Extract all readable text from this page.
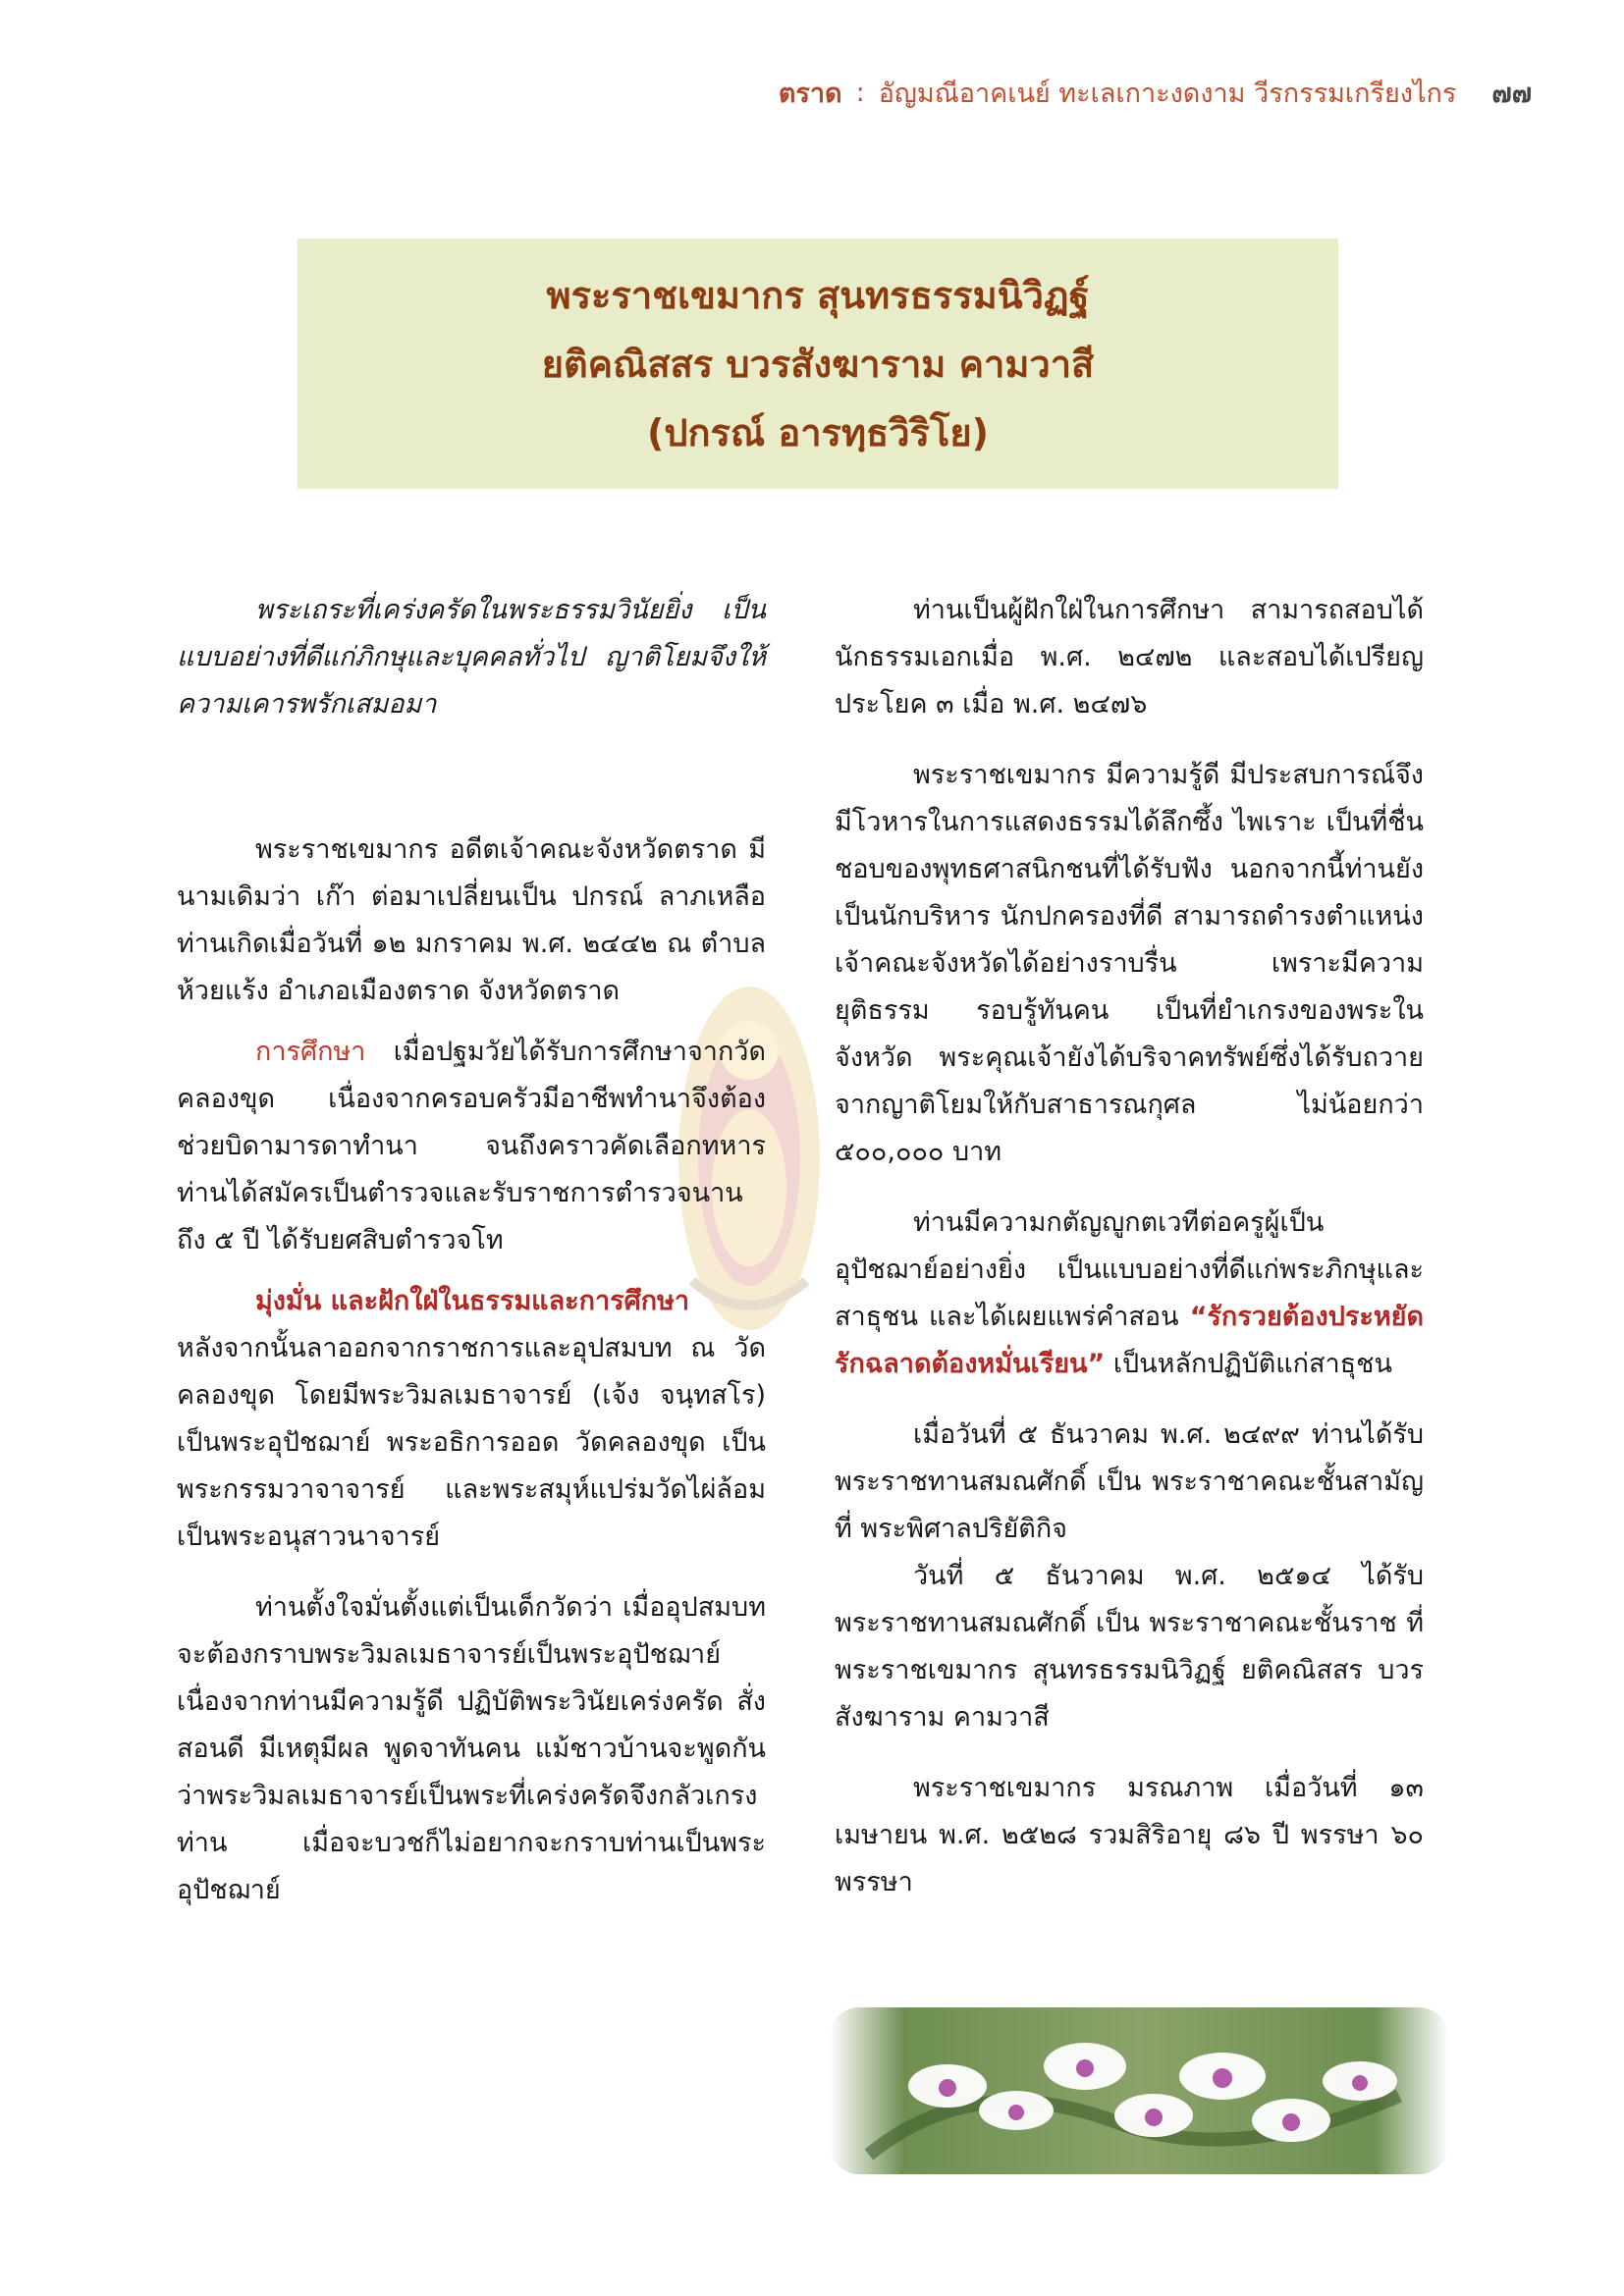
ตราด : อัญมณีอาคเนย์ ทะเลเกาะงดงาม วีรกรรมเกรียงไกร ๗๗
พระราชเขมากร สุนทรธรรมนิวิฏฐ์
ยติคณิสสร บวรสังฆาราม คามวาสี
(ปกรณ์ อารทฺธวิริโย)

พระเถระที่เคร่งครัดในพระธรรมวินัยยิ่ง เป็นแบบอย่างที่ดีแก่ภิกษุและบุคคลทั่วไป ญาติโยมจึงให้ความเคารพรักเสมอมา

พระราชเขมากร อดีตเจ้าคณะจังหวัดตราด มีนามเดิมว่า เก๊า ต่อมาเปลี่ยนเป็น ปกรณ์ ลาภเหลือ ท่านเกิดเมื่อวันที่ ๑๒ มกราคม พ.ศ. ๒๔๔๒ ณ ตำบลห้วยแร้ง อำเภอเมืองตราด จังหวัดตราด

การศึกษา เมื่อปฐมวัยได้รับการศึกษาจากวัดคลองขุด เนื่องจากครอบครัวมีอาชีพทำนาจึงต้องช่วยบิดามารดาทำนา จนถึงคราวคัดเลือกทหาร ท่านได้สมัครเป็นตำรวจและรับราชการตำรวจนานถึง ๕ ปี ได้รับยศสิบตำรวจโท

มุ่งมั่น และฝักใฝ่ในธรรมและการศึกษา

หลังจากนั้นลาออกจากราชการและอุปสมบท ณ วัดคลองขุด โดยมีพระวิมลเมธาจารย์ (เจ้ง จนฺทสโร) เป็นพระอุปัชฌาย์ พระอธิการออด วัดคลองขุด เป็นพระกรรมวาจาจารย์ และพระสมุห์แปร่มวัดไผ่ล้อม เป็นพระอนุสาวนาจารย์

ท่านตั้งใจมั่นตั้งแต่เป็นเด็กวัดว่า เมื่ออุปสมบทจะต้องกราบพระวิมลเมธาจารย์เป็นพระอุปัชฌาย์ เนื่องจากท่านมีความรู้ดี ปฏิบัติพระวินัยเคร่งครัด สั่งสอนดี มีเหตุมีผล พูดจาทันคน แม้ชาวบ้านจะพูดกันว่าพระวิมลเมธาจารย์เป็นพระที่เคร่งครัดจึงกลัวเกรงท่าน เมื่อจะบวชก็ไม่อยากจะกราบท่านเป็นพระอุปัชฌาย์

ท่านเป็นผู้ฝักใฝ่ในการศึกษา สามารถสอบได้นักธรรมเอกเมื่อ พ.ศ. ๒๔๗๒ และสอบได้เปรียญประโยค ๓ เมื่อ พ.ศ. ๒๔๗๖

พระราชเขมากร มีความรู้ดี มีประสบการณ์จึงมีโวหารในการแสดงธรรมได้ลึกซึ้ง ไพเราะ เป็นที่ชื่นชอบของพุทธศาสนิกชนที่ได้รับฟัง นอกจากนี้ท่านยังเป็นนักบริหาร นักปกครองที่ดี สามารถดำรงตำแหน่งเจ้าคณะจังหวัดได้อย่างราบรื่น เพราะมีความยุติธรรม รอบรู้ทันคน เป็นที่ยำเกรงของพระในจังหวัด พระคุณเจ้ายังได้บริจาคทรัพย์ซึ่งได้รับถวายจากญาติโยมให้กับสาธารณกุศล ไม่น้อยกว่า ๕๐๐,๐๐๐ บาท

ท่านมีความกตัญญูกตเวทีต่อครูผู้เป็นอุปัชฌาย์อย่างยิ่ง เป็นแบบอย่างที่ดีแก่พระภิกษุและสาธุชน และได้เผยแพร่คำสอน “รักรวยต้องประหยัด รักฉลาดต้องหมั่นเรียน” เป็นหลักปฏิบัติแก่สาธุชน

เมื่อวันที่ ๕ ธันวาคม พ.ศ. ๒๔๙๙ ท่านได้รับพระราชทานสมณศักดิ์ เป็น พระราชาคณะชั้นสามัญ ที่ พระพิศาลปริยัติกิจ

วันที่ ๕ ธันวาคม พ.ศ. ๒๕๑๔ ได้รับพระราชทานสมณศักดิ์ เป็น พระราชาคณะชั้นราช ที่ พระราชเขมากร สุนทรธรรมนิวิฏฐ์ ยติคณิสสร บวรสังฆาราม คามวาสี

พระราชเขมากร มรณภาพ เมื่อวันที่ ๑๓ เมษายน พ.ศ. ๒๕๒๘ รวมสิริอายุ ๘๖ ปี พรรษา ๖๐ พรรษา
